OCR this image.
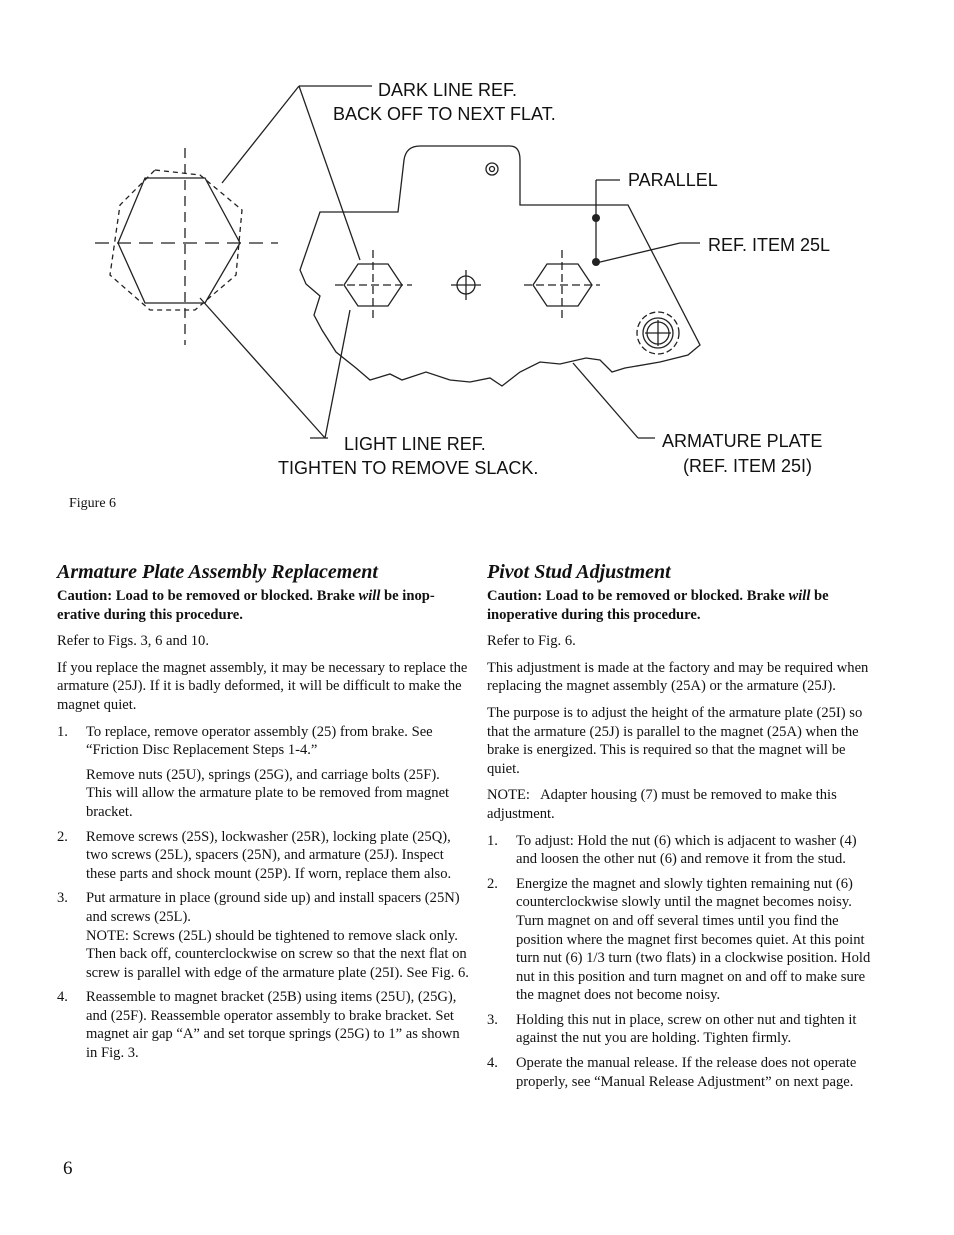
DARK LINE REF.
BACK OFF TO NEXT FLAT.
PARALLEL
REF. ITEM 25L
LIGHT LINE REF.
TIGHTEN TO REMOVE SLACK.
ARMATURE PLATE
(REF. ITEM 25I)
Figure 6
Armature Plate Assembly Replacement
Caution: Load to be removed or blocked. Brake will be inoperative during this procedure.

Refer to Figs. 3, 6 and 10.

If you replace the magnet assembly, it may be necessary to replace the armature (25J). If it is badly deformed, it will be difficult to make the magnet quiet.

1. To replace, remove operator assembly (25) from brake. See “Friction Disc Replacement Steps 1-4.”

Remove nuts (25U), springs (25G), and carriage bolts (25F). This will allow the armature plate to be removed from magnet bracket.

2. Remove screws (25S), lockwasher (25R), locking plate (25Q), two screws (25L), spacers (25N), and armature (25J). Inspect these parts and shock mount (25P). If worn, replace them also.

3. Put armature in place (ground side up) and install spacers (25N) and screws (25L).

NOTE: Screws (25L) should be tightened to remove slack only. Then back off, counterclockwise on screw so that the next flat on screw is parallel with edge of the armature plate (25I). See Fig. 6.

4. Reassemble to magnet bracket (25B) using items (25U), (25G), and (25F). Reassemble operator assembly to brake bracket. Set magnet air gap “A” and set torque springs (25G) to 1” as shown in Fig. 3.

Pivot Stud Adjustment
Caution: Load to be removed or blocked. Brake will be inoperative during this procedure.

Refer to Fig. 6.

This adjustment is made at the factory and may be required when replacing the magnet assembly (25A) or the armature (25J).

The purpose is to adjust the height of the armature plate (25I) so that the armature (25J) is parallel to the magnet (25A) when the brake is energized. This is required so that the magnet will be quiet.

NOTE:   Adapter housing (7) must be removed to make this adjustment.

1. To adjust: Hold the nut (6) which is adjacent to washer (4) and loosen the other nut (6) and remove it from the stud.

2. Energize the magnet and slowly tighten remaining nut (6) counterclockwise slowly until the magnet becomes noisy. Turn magnet on and off several times until you find the position where the magnet first becomes quiet. At this point turn nut (6) 1/3 turn (two flats) in a clockwise position. Hold nut in this position and turn magnet on and off to make sure the magnet does not become noisy.

3. Holding this nut in place, screw on other nut and tighten it against the nut you are holding. Tighten firmly.

4. Operate the manual release. If the release does not operate properly, see “Manual Release Adjustment” on next page.

6
